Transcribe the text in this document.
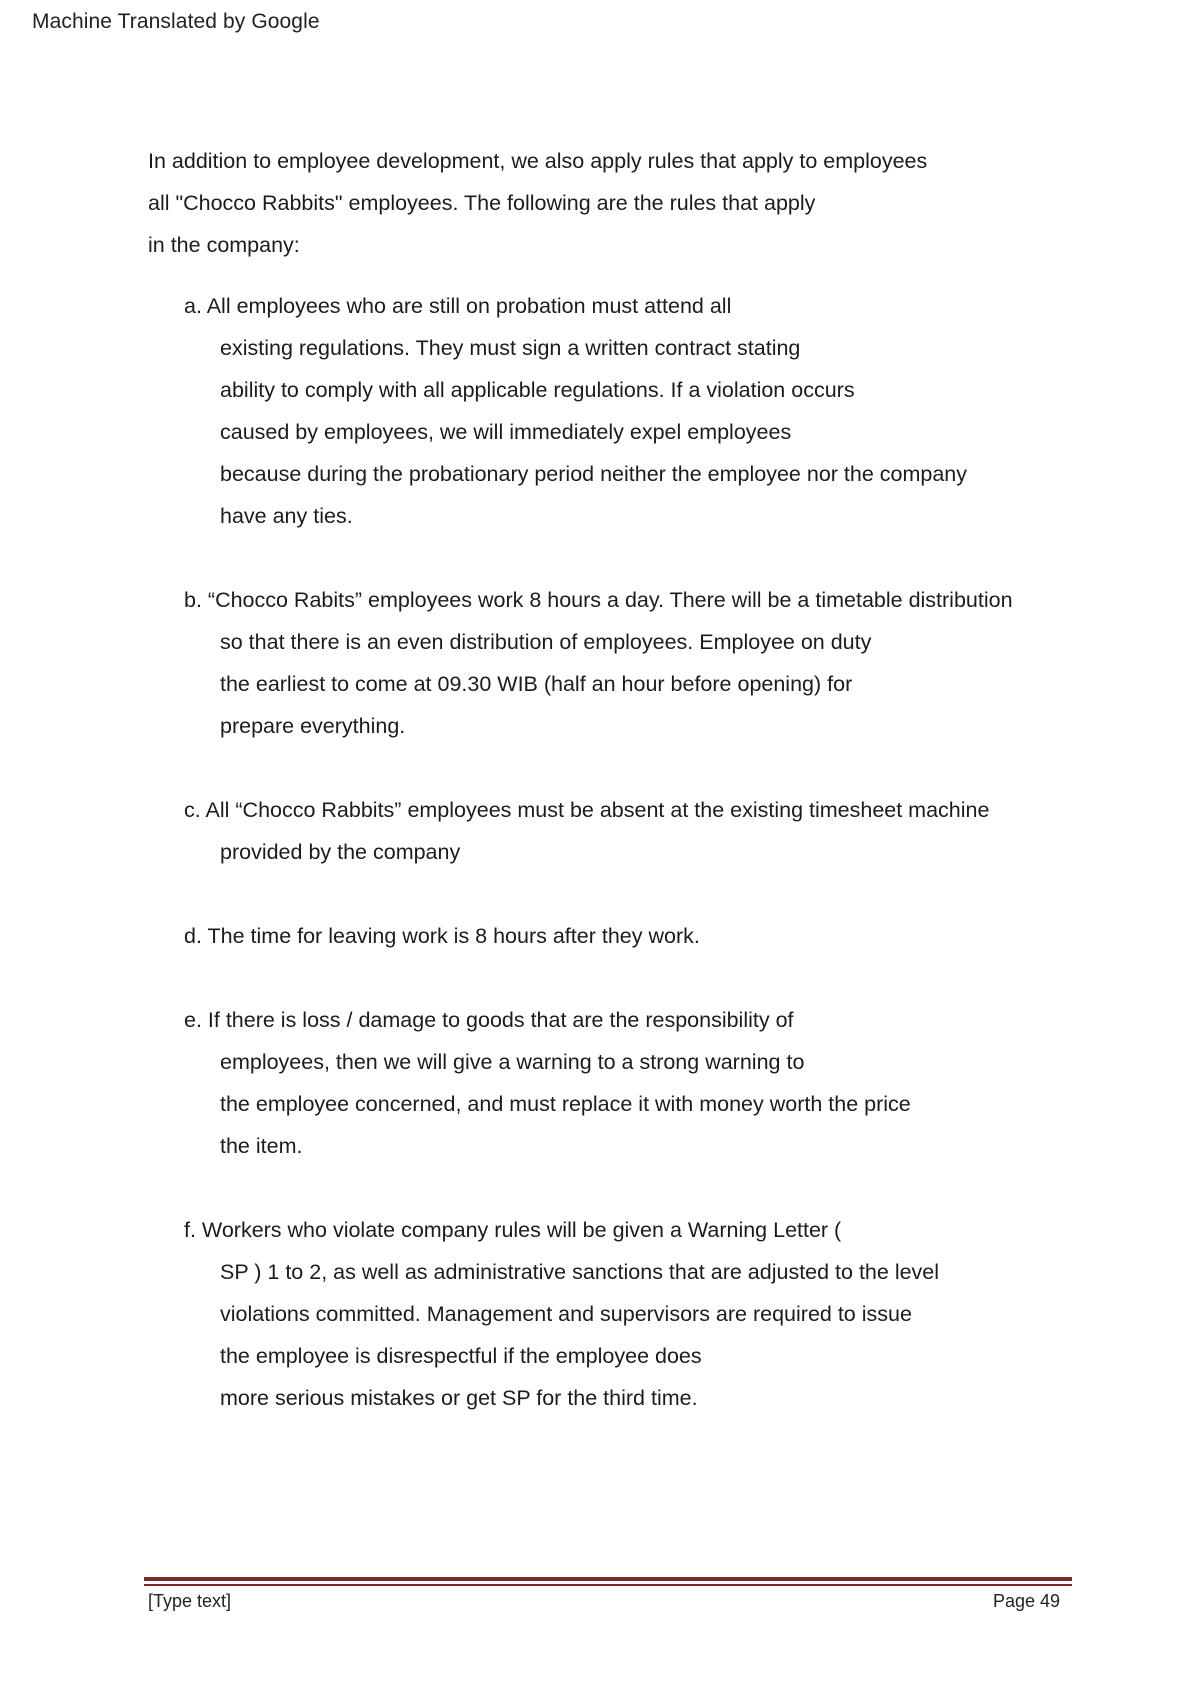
Machine Translated by Google
In addition to employee development, we also apply rules that apply to employees
all "Chocco Rabbits" employees. The following are the rules that apply
in the company:
a. All employees who are still on probation must attend all
existing regulations. They must sign a written contract stating
ability to comply with all applicable regulations. If a violation occurs
caused by employees, we will immediately expel employees
because during the probationary period neither the employee nor the company
have any ties.
b. “Chocco Rabits” employees work 8 hours a day. There will be a timetable distribution
so that there is an even distribution of employees. Employee on duty
the earliest to come at 09.30 WIB (half an hour before opening) for
prepare everything.
c. All “Chocco Rabbits” employees must be absent at the existing timesheet machine
provided by the company
d. The time for leaving work is 8 hours after they work.
e. If there is loss / damage to goods that are the responsibility of
employees, then we will give a warning to a strong warning to
the employee concerned, and must replace it with money worth the price
the item.
f. Workers who violate company rules will be given a Warning Letter (
SP ) 1 to 2, as well as administrative sanctions that are adjusted to the level
violations committed. Management and supervisors are required to issue
the employee is disrespectful if the employee does
more serious mistakes or get SP for the third time.
[Type text]	Page 49
